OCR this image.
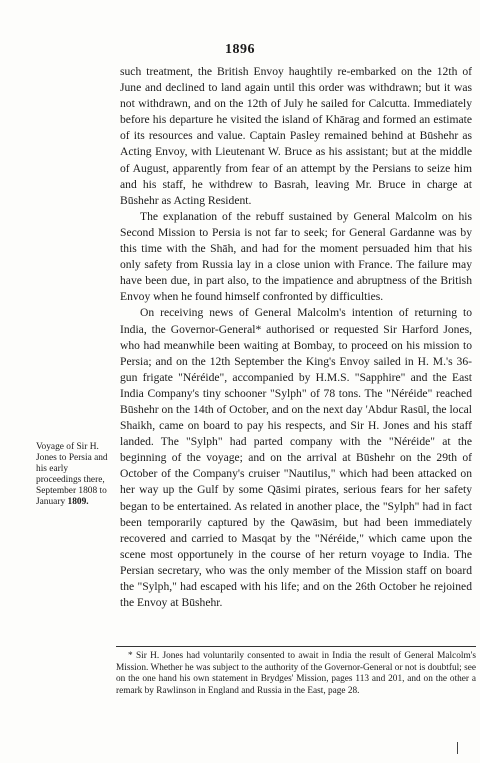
1896

such treatment, the British Envoy haughtily re-embarked on the 12th of June and declined to land again until this order was withdrawn; but it was not withdrawn, and on the 12th of July he sailed for Calcutta. Immediately before his departure he visited the island of Khārag and formed an estimate of its resources and value. Captain Pasley remained behind at Būshehr as Acting Envoy, with Lieutenant W. Bruce as his assistant; but at the middle of August, apparently from fear of an attempt by the Persians to seize him and his staff, he withdrew to Basrah, leaving Mr. Bruce in charge at Būshehr as Acting Resident.

The explanation of the rebuff sustained by General Malcolm on his Second Mission to Persia is not far to seek; for General Gardanne was by this time with the Shāh, and had for the moment persuaded him that his only safety from Russia lay in a close union with France. The failure may have been due, in part also, to the impatience and abruptness of the British Envoy when he found himself confronted by difficulties.

On receiving news of General Malcolm's intention of returning to India, the Governor-General* authorised or requested Sir Harford Jones, who had meanwhile been waiting at Bombay, to proceed on his mission to Persia; and on the 12th September the King's Envoy sailed in H. M.'s 36-gun frigate "Néréide", accompanied by H.M.S. "Sapphire" and the East India Company's tiny schooner "Sylph" of 78 tons. The "Néréide" reached Būshehr on the 14th of October, and on the next day 'Abdur Rasūl, the local Shaikh, came on board to pay his respects, and Sir H. Jones and his staff landed. The "Sylph" had parted company with the "Néréide" at the beginning of the voyage; and on the arrival at Būshehr on the 29th of October of the Company's cruiser "Nautilus," which had been attacked on her way up the Gulf by some Qāsimi pirates, serious fears for her safety began to be entertained. As related in another place, the "Sylph" had in fact been temporarily captured by the Qawāsim, but had been immediately recovered and carried to Masqat by the "Néréide," which came upon the scene most opportunely in the course of her return voyage to India. The Persian secretary, who was the only member of the Mission staff on board the "Sylph," had escaped with his life; and on the 26th October he rejoined the Envoy at Būshehr.

Voyage of Sir H. Jones to Persia and his early proceedings there, September 1808 to January 1809.

* Sir H. Jones had voluntarily consented to await in India the result of General Malcolm's Mission. Whether he was subject to the authority of the Governor-General or not is doubtful; see on the one hand his own statement in Brydges' Mission, pages 113 and 201, and on the other a remark by Rawlinson in England and Russia in the East, page 28.
